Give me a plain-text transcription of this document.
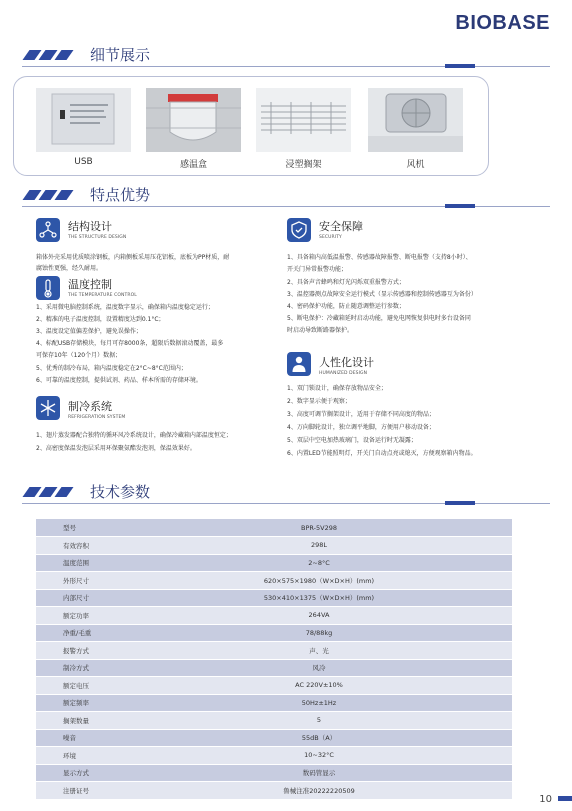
BIOBASE
细节展示
USB	感温盒	浸塑搁架	风机
特点优势
结构设计
THE STRUCTURE DESIGN
箱体外壳采用优质喷涂钢板，内箱侧板采用压花铝板，底板为PP材质，耐
腐蚀性更强，经久耐用。
温度控制
THE TEMPERATURE CONTROL
1、采用微电脑控制系统，温度数字显示，确保箱内温度稳定运行；
2、精准的电子温度控制，设置精度达到0.1°C；
3、温度设定值偏差保护，避免误操作；
4、标配USB存储模块，每月可存8000条，超限后数据滚动覆盖，最多
可保存10年（120个月）数据；
5、优秀的制冷布局，箱内温度稳定在2°C~8°C范围内；
6、可靠的温度控制，提供试剂、药品、样本所需的存储环境。
制冷系统
REFRIGERATION SYSTEM
1、翅片蒸发器配合独特的循环风冷系统设计，确保冷藏箱内部温度恒定；
2、高密度保温发泡层采用环保聚氨酯发泡剂，保温效果好。
安全保障
SECURITY
1、具备箱内高低温报警、传感器故障报警、断电报警（支持8小时）、
开关门异常报警功能；
2、具备声音蜂鸣和灯光闪烁双重报警方式；
3、温控器测点故障安全运行模式（显示传感器和控制传感器互为备份）
4、密码保护功能，防止随意调整运行参数；
5、断电保护：冷藏箱延时启动功能，避免电网恢复供电时多台设备同
时启动导致断路器保护。
人性化设计
HUMANIZED DESIGN
1、双门锁设计，确保存放物品安全；
2、数字显示便于观察；
3、高度可调节搁架设计，适用于存储不同高度的物品；
4、万向脚轮设计，独立调平地脚，方便用户移动设备；
5、双层中空电加热玻璃门，设备运行时无凝露；
6、内置LED节能照明灯，开关门自动点亮或熄灭，方便观察箱内物品。
技术参数
型号	BPR-5V298
有效容积	298L
温度范围	2~8°C
外形尺寸	620×575×1980（W×D×H）(mm)
内部尺寸	530×410×1375（W×D×H）(mm)
额定功率	264VA
净重/毛重	78/88kg
报警方式	声、光
制冷方式	风冷
额定电压	AC 220V±10%
额定频率	50Hz±1Hz
搁架数量	5
噪音	55dB（A）
环境	10~32°C
显示方式	数码管显示
注册证号	鲁械注准20222220509
10
